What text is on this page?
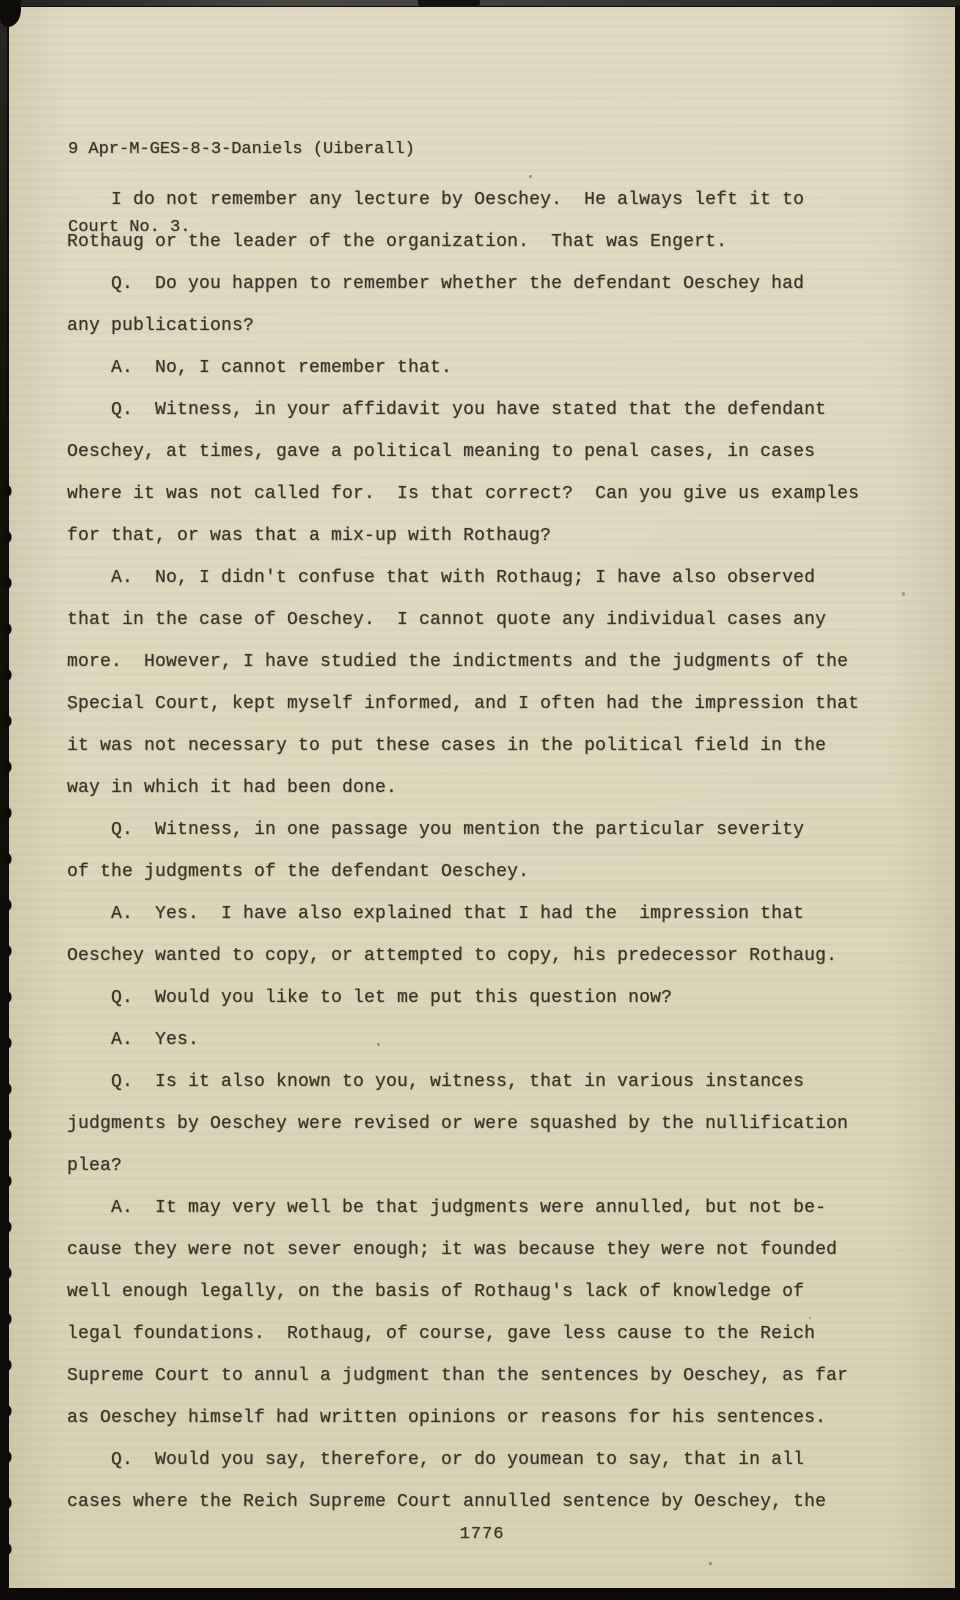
9 Apr-M-GES-8-3-Daniels (Uiberall)

Court No. 3.

I do not remember any lecture by Oeschey.  He always left it to
Rothaug or the leader of the organization.  That was Engert.
Q.  Do you happen to remember whether the defendant Oeschey had
any publications?
A.  No, I cannot remember that.
Q.  Witness, in your affidavit you have stated that the defendant
Oeschey, at times, gave a political meaning to penal cases, in cases
where it was not called for.  Is that correct?  Can you give us examples
for that, or was that a mix-up with Rothaug?
A.  No, I didn't confuse that with Rothaug; I have also observed
that in the case of Oeschey.  I cannot quote any individual cases any
more.  However, I have studied the indictments and the judgments of the
Special Court, kept myself informed, and I often had the impression that
it was not necessary to put these cases in the political field in the
way in which it had been done.
Q.  Witness, in one passage you mention the particular severity
of the judgments of the defendant Oeschey.
A.  Yes.  I have also explained that I had the  impression that
Oeschey wanted to copy, or attempted to copy, his predecessor Rothaug.
Q.  Would you like to let me put this question now?
A.  Yes.
Q.  Is it also known to you, witness, that in various instances
judgments by Oeschey were revised or were squashed by the nullification
plea?
A.  It may very well be that judgments were annulled, but not be-
cause they were not sever enough; it was because they were not founded
well enough legally, on the basis of Rothaug's lack of knowledge of
legal foundations.  Rothaug, of course, gave less cause to the Reich
Supreme Court to annul a judgment than the sentences by Oeschey, as far
as Oeschey himself had written opinions or reasons for his sentences.
Q.  Would you say, therefore, or do youmean to say, that in all
cases where the Reich Supreme Court annulled sentence by Oeschey, the
1776
